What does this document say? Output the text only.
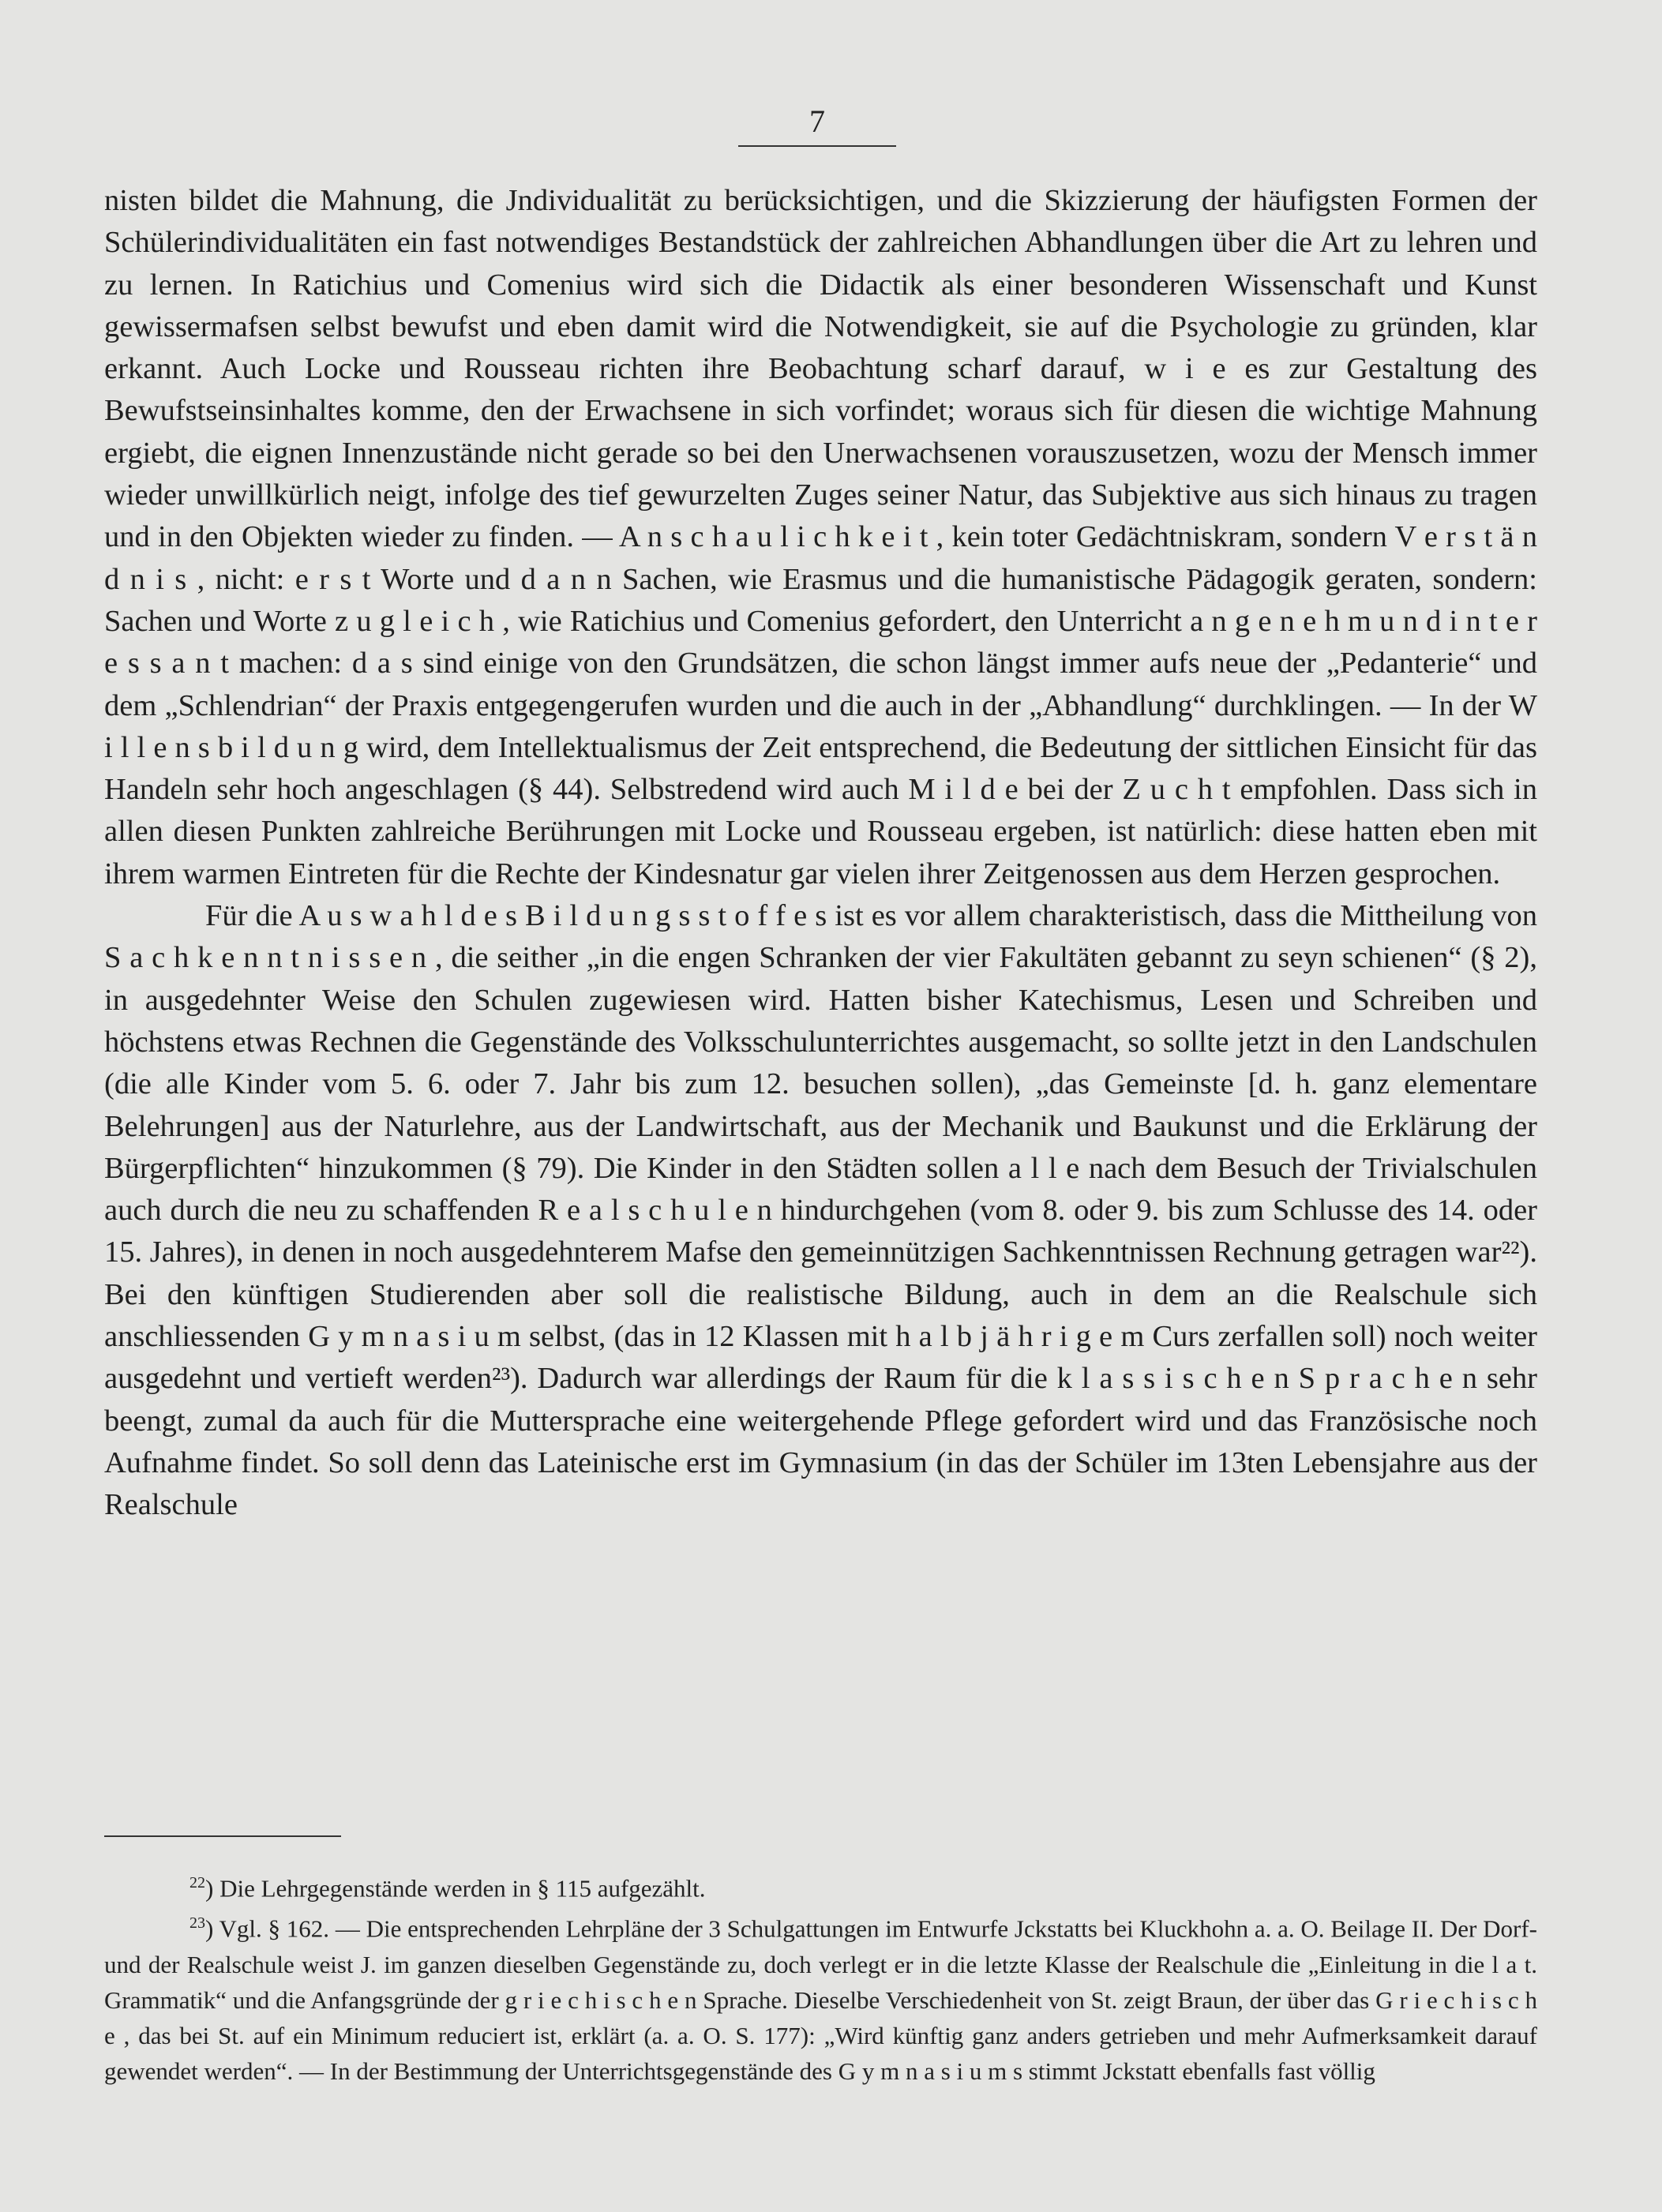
7

nisten bildet die Mahnung, die Jndividualität zu berücksichtigen, und die Skizzierung der häufigsten Formen der Schülerindividualitäten ein fast notwendiges Bestandstück der zahlreichen Abhandlungen über die Art zu lehren und zu lernen. In Ratichius und Comenius wird sich die Didactik als einer besonderen Wissenschaft und Kunst gewissermafsen selbst bewufst und eben damit wird die Notwendigkeit, sie auf die Psychologie zu gründen, klar erkannt. Auch Locke und Rousseau richten ihre Beobachtung scharf darauf, w i e es zur Gestaltung des Bewufstseinsinhaltes komme, den der Erwachsene in sich vorfindet; woraus sich für diesen die wichtige Mahnung ergiebt, die eignen Innenzustände nicht gerade so bei den Unerwachsenen vorauszusetzen, wozu der Mensch immer wieder unwillkürlich neigt, infolge des tief gewurzelten Zuges seiner Natur, das Subjektive aus sich hinaus zu tragen und in den Objekten wieder zu finden. — A n s c h a u l i c h k e i t , kein toter Gedächtniskram, sondern V e r s t ä n d n i s , nicht: e r s t Worte und d a n n Sachen, wie Erasmus und die humanistische Pädagogik geraten, sondern: Sachen und Worte z u g l e i c h , wie Ratichius und Comenius gefordert, den Unterricht a n g e n e h m u n d i n t e r e s s a n t machen: d a s sind einige von den Grundsätzen, die schon längst immer aufs neue der „Pedanterie“ und dem „Schlendrian“ der Praxis entgegengerufen wurden und die auch in der „Abhandlung“ durchklingen. — In der W i l l e n s b i l d u n g wird, dem Intellektualismus der Zeit entsprechend, die Bedeutung der sittlichen Einsicht für das Handeln sehr hoch angeschlagen (§ 44). Selbstredend wird auch M i l d e bei der Z u c h t empfohlen. Dass sich in allen diesen Punkten zahlreiche Berührungen mit Locke und Rousseau ergeben, ist natürlich: diese hatten eben mit ihrem warmen Eintreten für die Rechte der Kindesnatur gar vielen ihrer Zeitgenossen aus dem Herzen gesprochen.

Für die A u s w a h l d e s B i l d u n g s s t o f f e s ist es vor allem charakteristisch, dass die Mittheilung von S a c h k e n n t n i s s e n , die seither „in die engen Schranken der vier Fakultäten gebannt zu seyn schienen“ (§ 2), in ausgedehnter Weise den Schulen zugewiesen wird. Hatten bisher Katechismus, Lesen und Schreiben und höchstens etwas Rechnen die Gegenstände des Volksschulunterrichtes ausgemacht, so sollte jetzt in den Landschulen (die alle Kinder vom 5. 6. oder 7. Jahr bis zum 12. besuchen sollen), „das Gemeinste [d. h. ganz elementare Belehrungen] aus der Naturlehre, aus der Landwirtschaft, aus der Mechanik und Baukunst und die Erklärung der Bürgerpflichten“ hinzukommen (§ 79). Die Kinder in den Städten sollen a l l e nach dem Besuch der Trivialschulen auch durch die neu zu schaffenden R e a l s c h u l e n hindurchgehen (vom 8. oder 9. bis zum Schlusse des 14. oder 15. Jahres), in denen in noch ausgedehnterem Mafse den gemeinnützigen Sachkenntnissen Rechnung getragen war²²). Bei den künftigen Studierenden aber soll die realistische Bildung, auch in dem an die Realschule sich anschliessenden G y m n a s i u m selbst, (das in 12 Klassen mit h a l b j ä h r i g e m Curs zerfallen soll) noch weiter ausgedehnt und vertieft werden²³). Dadurch war allerdings der Raum für die k l a s s i s c h e n S p r a c h e n sehr beengt, zumal da auch für die Muttersprache eine weitergehende Pflege gefordert wird und das Französische noch Aufnahme findet. So soll denn das Lateinische erst im Gymnasium (in das der Schüler im 13ten Lebensjahre aus der Realschule

$^{22}$) Die Lehrgegenstände werden in § 115 aufgezählt.

$^{23}$) Vgl. § 162. — Die entsprechenden Lehrpläne der 3 Schulgattungen im Entwurfe Jckstatts bei Kluckhohn a. a. O. Beilage II. Der Dorf- und der Realschule weist J. im ganzen dieselben Gegenstände zu, doch verlegt er in die letzte Klasse der Realschule die „Einleitung in die l a t. Grammatik“ und die Anfangsgründe der g r i e c h i s c h e n Sprache. Dieselbe Verschiedenheit von St. zeigt Braun, der über das G r i e c h i s c h e , das bei St. auf ein Minimum reduciert ist, erklärt (a. a. O. S. 177): „Wird künftig ganz anders getrieben und mehr Aufmerksamkeit darauf gewendet werden“. — In der Bestimmung der Unterrichtsgegenstände des G y m n a s i u m s stimmt Jckstatt ebenfalls fast völlig
